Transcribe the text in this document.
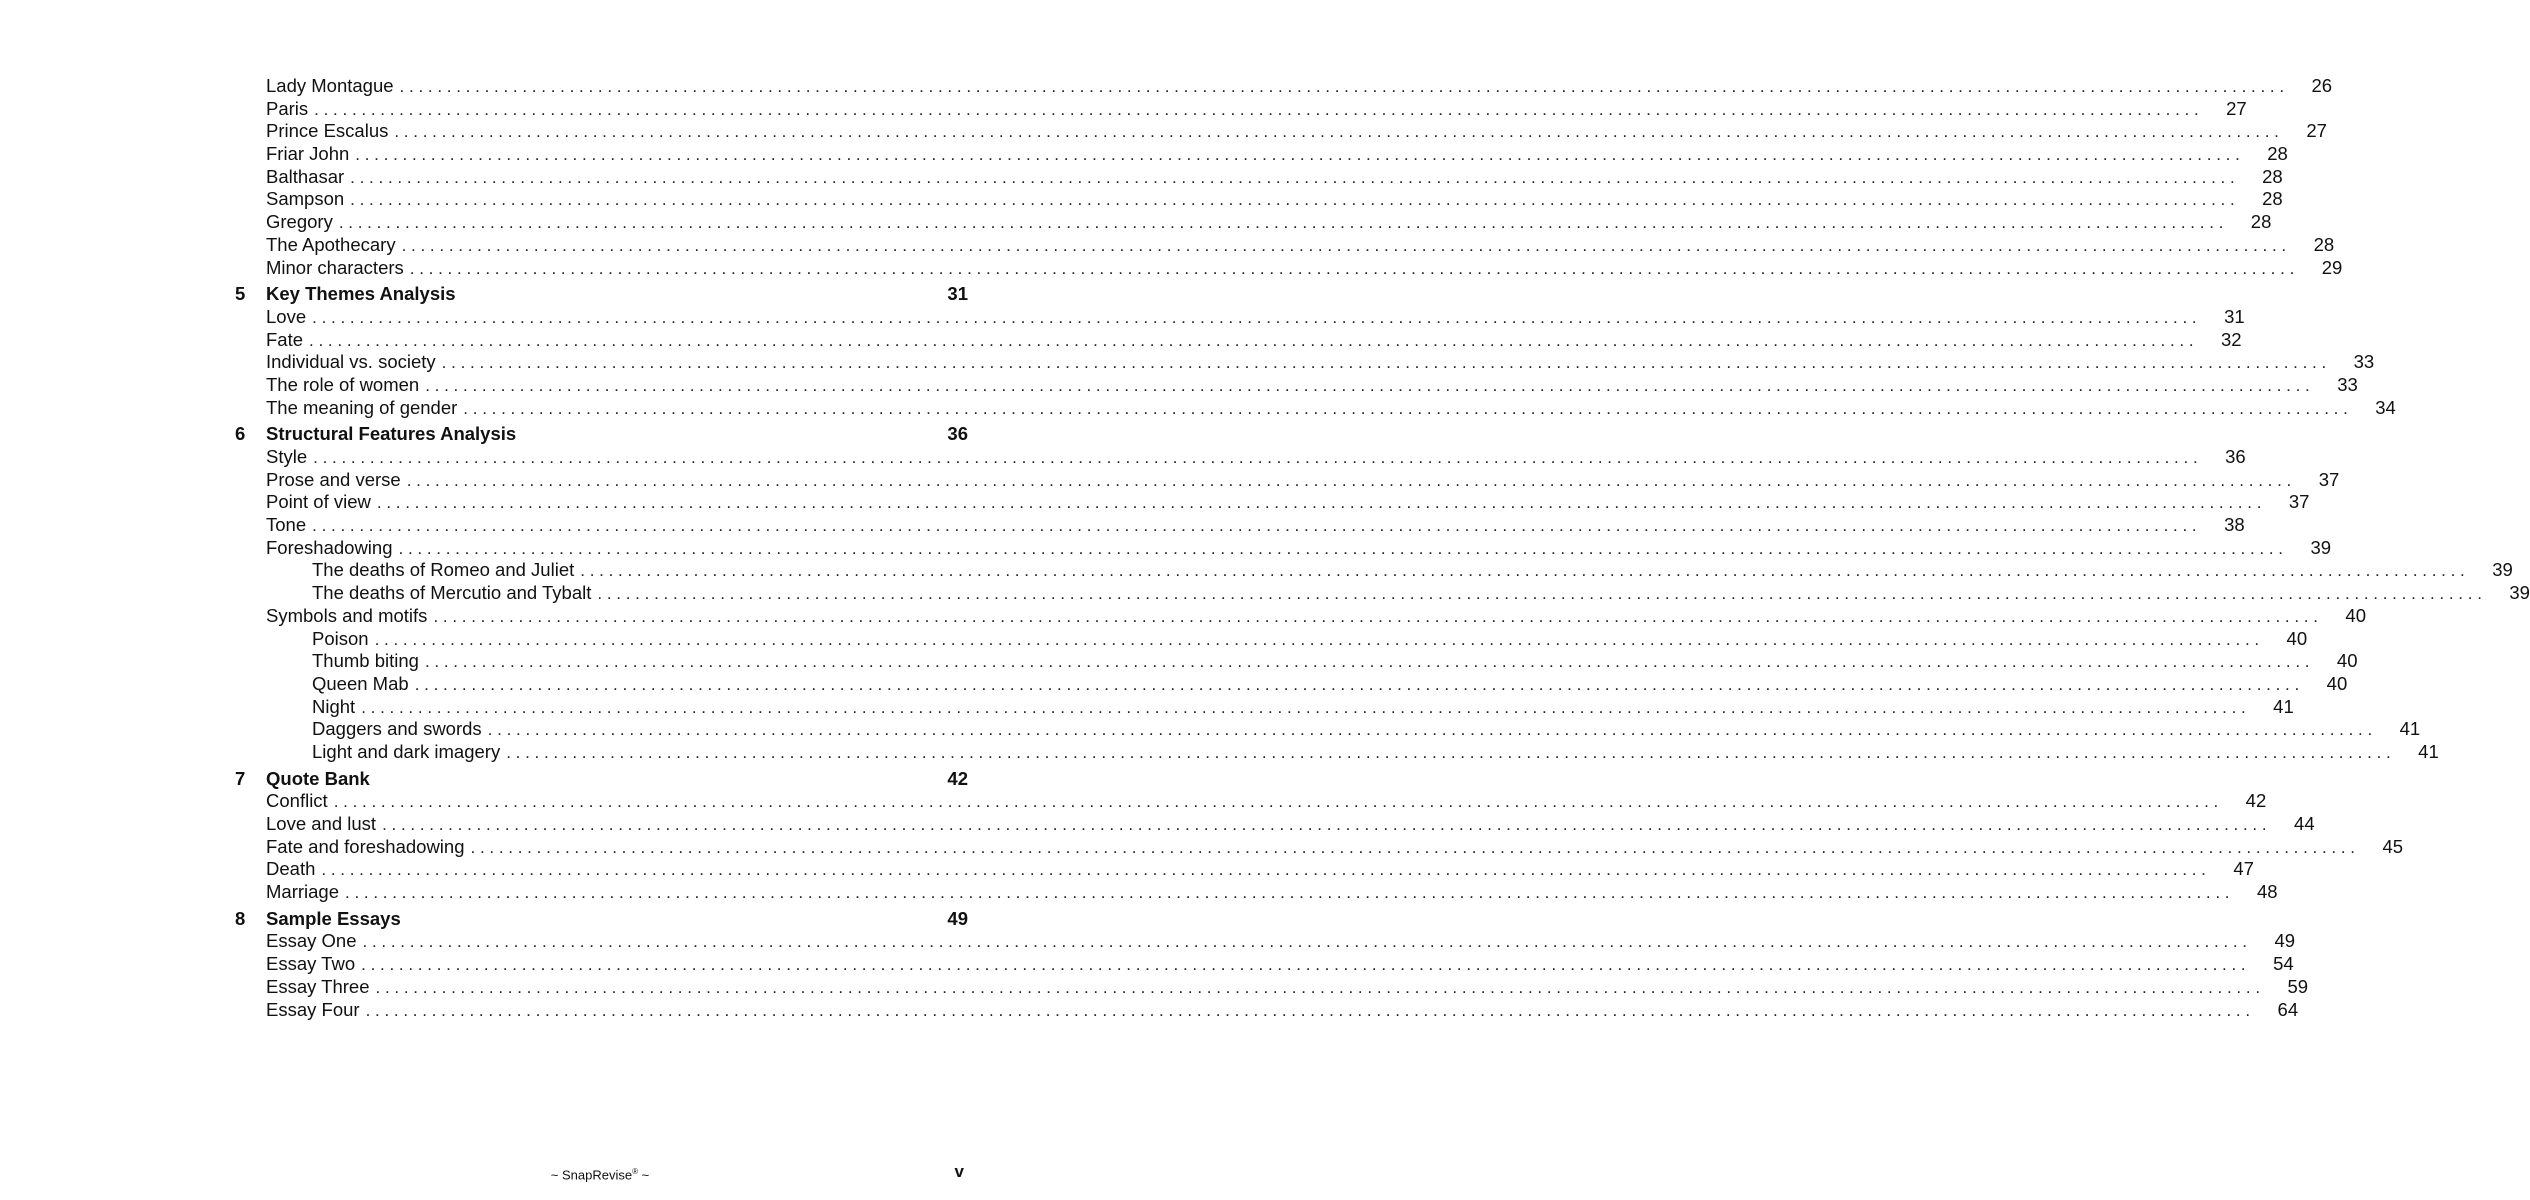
Lady Montague . . . . . . . . . . . . . . . . . . . . . . . . . . . . . . . . . . . . . . . . . . . . . . . . . . . . . . . . . . . . . . . . . . . . . . . . . . . . . . . . . . . . . . . . . . . . . . . . . . . . . . . . . . . . . . . . . . . . . . . . . . . . . . . . . . . . . . . . . . . . . . . . . . . . . . . . . . . . . . . . . . . . . . . . . . . . . . . . . . . . . . . . . . . . . . . . . . . . . . . .	26
Paris . . . . . . . . . . . . . . . . . . . . . . . . . . . . . . . . . . . . . . . . . . . . . . . . . . . . . . . . . . . . . . . . . . . . . . . . . . . . . . . . . . . . . . . . . . . . . . . . . . . . . . . . . . . . . . . . . . . . . . . . . . . . . . . . . . . . . . . . . . . . . . . . . . . . . . . . . . . . . . . . . . . . . . . . . . . . . . . . . . . . . . . . . . . . . . . . . . . . . . . .	27
Prince Escalus . . . . . . . . . . . . . . . . . . . . . . . . . . . . . . . . . . . . . . . . . . . . . . . . . . . . . . . . . . . . . . . . . . . . . . . . . . . . . . . . . . . . . . . . . . . . . . . . . . . . . . . . . . . . . . . . . . . . . . . . . . . . . . . . . . . . . . . . . . . . . . . . . . . . . . . . . . . . . . . . . . . . . . . . . . . . . . . . . . . . . . . . . . . . . . . . . . . . . . . .	27
Friar John . . . . . . . . . . . . . . . . . . . . . . . . . . . . . . . . . . . . . . . . . . . . . . . . . . . . . . . . . . . . . . . . . . . . . . . . . . . . . . . . . . . . . . . . . . . . . . . . . . . . . . . . . . . . . . . . . . . . . . . . . . . . . . . . . . . . . . . . . . . . . . . . . . . . . . . . . . . . . . . . . . . . . . . . . . . . . . . . . . . . . . . . . . . . . . . . . . . . . . . .	28
Balthasar . . . . . . . . . . . . . . . . . . . . . . . . . . . . . . . . . . . . . . . . . . . . . . . . . . . . . . . . . . . . . . . . . . . . . . . . . . . . . . . . . . . . . . . . . . . . . . . . . . . . . . . . . . . . . . . . . . . . . . . . . . . . . . . . . . . . . . . . . . . . . . . . . . . . . . . . . . . . . . . . . . . . . . . . . . . . . . . . . . . . . . . . . . . . . . . . . . . . . . . .	28
Sampson . . . . . . . . . . . . . . . . . . . . . . . . . . . . . . . . . . . . . . . . . . . . . . . . . . . . . . . . . . . . . . . . . . . . . . . . . . . . . . . . . . . . . . . . . . . . . . . . . . . . . . . . . . . . . . . . . . . . . . . . . . . . . . . . . . . . . . . . . . . . . . . . . . . . . . . . . . . . . . . . . . . . . . . . . . . . . . . . . . . . . . . . . . . . . . . . . . . . . . . .	28
Gregory . . . . . . . . . . . . . . . . . . . . . . . . . . . . . . . . . . . . . . . . . . . . . . . . . . . . . . . . . . . . . . . . . . . . . . . . . . . . . . . . . . . . . . . . . . . . . . . . . . . . . . . . . . . . . . . . . . . . . . . . . . . . . . . . . . . . . . . . . . . . . . . . . . . . . . . . . . . . . . . . . . . . . . . . . . . . . . . . . . . . . . . . . . . . . . . . . . . . . . . .	28
The Apothecary . . . . . . . . . . . . . . . . . . . . . . . . . . . . . . . . . . . . . . . . . . . . . . . . . . . . . . . . . . . . . . . . . . . . . . . . . . . . . . . . . . . . . . . . . . . . . . . . . . . . . . . . . . . . . . . . . . . . . . . . . . . . . . . . . . . . . . . . . . . . . . . . . . . . . . . . . . . . . . . . . . . . . . . . . . . . . . . . . . . . . . . . . . . . . . . . . . . . . . . .	28
Minor characters . . . . . . . . . . . . . . . . . . . . . . . . . . . . . . . . . . . . . . . . . . . . . . . . . . . . . . . . . . . . . . . . . . . . . . . . . . . . . . . . . . . . . . . . . . . . . . . . . . . . . . . . . . . . . . . . . . . . . . . . . . . . . . . . . . . . . . . . . . . . . . . . . . . . . . . . . . . . . . . . . . . . . . . . . . . . . . . . . . . . . . . . . . . . . . . . . . . . . . . .	29
5	Key Themes Analysis	31
Love . . . . . . . . . . . . . . . . . . . . . . . . . . . . . . . . . . . . . . . . . . . . . . . . . . . . . . . . . . . . . . . . . . . . . . . . . . . . . . . . . . . . . . . . . . . . . . . . . . . . . . . . . . . . . . . . . . . . . . . . . . . . . . . . . . . . . . . . . . . . . . . . . . . . . . . . . . . . . . . . . . . . . . . . . . . . . . . . . . . . . . . . . . . . . . . . . . . . . . . .	31
Fate . . . . . . . . . . . . . . . . . . . . . . . . . . . . . . . . . . . . . . . . . . . . . . . . . . . . . . . . . . . . . . . . . . . . . . . . . . . . . . . . . . . . . . . . . . . . . . . . . . . . . . . . . . . . . . . . . . . . . . . . . . . . . . . . . . . . . . . . . . . . . . . . . . . . . . . . . . . . . . . . . . . . . . . . . . . . . . . . . . . . . . . . . . . . . . . . . . . . . . . .	32
Individual vs. society . . . . . . . . . . . . . . . . . . . . . . . . . . . . . . . . . . . . . . . . . . . . . . . . . . . . . . . . . . . . . . . . . . . . . . . . . . . . . . . . . . . . . . . . . . . . . . . . . . . . . . . . . . . . . . . . . . . . . . . . . . . . . . . . . . . . . . . . . . . . . . . . . . . . . . . . . . . . . . . . . . . . . . . . . . . . . . . . . . . . . . . . . . . . . . . . . . . . . . . .	33
The role of women . . . . . . . . . . . . . . . . . . . . . . . . . . . . . . . . . . . . . . . . . . . . . . . . . . . . . . . . . . . . . . . . . . . . . . . . . . . . . . . . . . . . . . . . . . . . . . . . . . . . . . . . . . . . . . . . . . . . . . . . . . . . . . . . . . . . . . . . . . . . . . . . . . . . . . . . . . . . . . . . . . . . . . . . . . . . . . . . . . . . . . . . . . . . . . . . . . . . . . . .	33
The meaning of gender . . . . . . . . . . . . . . . . . . . . . . . . . . . . . . . . . . . . . . . . . . . . . . . . . . . . . . . . . . . . . . . . . . . . . . . . . . . . . . . . . . . . . . . . . . . . . . . . . . . . . . . . . . . . . . . . . . . . . . . . . . . . . . . . . . . . . . . . . . . . . . . . . . . . . . . . . . . . . . . . . . . . . . . . . . . . . . . . . . . . . . . . . . . . . . . . . . . . . . . .	34
6	Structural Features Analysis	36
Style . . . . . . . . . . . . . . . . . . . . . . . . . . . . . . . . . . . . . . . . . . . . . . . . . . . . . . . . . . . . . . . . . . . . . . . . . . . . . . . . . . . . . . . . . . . . . . . . . . . . . . . . . . . . . . . . . . . . . . . . . . . . . . . . . . . . . . . . . . . . . . . . . . . . . . . . . . . . . . . . . . . . . . . . . . . . . . . . . . . . . . . . . . . . . . . . . . . . . . . .	36
Prose and verse . . . . . . . . . . . . . . . . . . . . . . . . . . . . . . . . . . . . . . . . . . . . . . . . . . . . . . . . . . . . . . . . . . . . . . . . . . . . . . . . . . . . . . . . . . . . . . . . . . . . . . . . . . . . . . . . . . . . . . . . . . . . . . . . . . . . . . . . . . . . . . . . . . . . . . . . . . . . . . . . . . . . . . . . . . . . . . . . . . . . . . . . . . . . . . . . . . . . . . . .	37
Point of view . . . . . . . . . . . . . . . . . . . . . . . . . . . . . . . . . . . . . . . . . . . . . . . . . . . . . . . . . . . . . . . . . . . . . . . . . . . . . . . . . . . . . . . . . . . . . . . . . . . . . . . . . . . . . . . . . . . . . . . . . . . . . . . . . . . . . . . . . . . . . . . . . . . . . . . . . . . . . . . . . . . . . . . . . . . . . . . . . . . . . . . . . . . . . . . . . . . . . . . .	37
Tone . . . . . . . . . . . . . . . . . . . . . . . . . . . . . . . . . . . . . . . . . . . . . . . . . . . . . . . . . . . . . . . . . . . . . . . . . . . . . . . . . . . . . . . . . . . . . . . . . . . . . . . . . . . . . . . . . . . . . . . . . . . . . . . . . . . . . . . . . . . . . . . . . . . . . . . . . . . . . . . . . . . . . . . . . . . . . . . . . . . . . . . . . . . . . . . . . . . . . . . .	38
Foreshadowing . . . . . . . . . . . . . . . . . . . . . . . . . . . . . . . . . . . . . . . . . . . . . . . . . . . . . . . . . . . . . . . . . . . . . . . . . . . . . . . . . . . . . . . . . . . . . . . . . . . . . . . . . . . . . . . . . . . . . . . . . . . . . . . . . . . . . . . . . . . . . . . . . . . . . . . . . . . . . . . . . . . . . . . . . . . . . . . . . . . . . . . . . . . . . . . . . . . . . . . .	39
The deaths of Romeo and Juliet . . . . . . . . . . . . . . . . . . . . . . . . . . . . . . . . . . . . . . . . . . . . . . . . . . . . . . . . . . . . . . . . . . . . . . . . . . . . . . . . . . . . . . . . . . . . . . . . . . . . . . . . . . . . . . . . . . . . . . . . . . . . . . . . . . . . . . . . . . . . . . . . . . . . . . . . . . . . . . . . . . . . . . . . . . . . . . . . . . . . . . . . . . . . . . . . . . . . . . . .	39
The deaths of Mercutio and Tybalt . . . . . . . . . . . . . . . . . . . . . . . . . . . . . . . . . . . . . . . . . . . . . . . . . . . . . . . . . . . . . . . . . . . . . . . . . . . . . . . . . . . . . . . . . . . . . . . . . . . . . . . . . . . . . . . . . . . . . . . . . . . . . . . . . . . . . . . . . . . . . . . . . . . . . . . . . . . . . . . . . . . . . . . . . . . . . . . . . . . . . . . . . . . . . . . . . . . . . . . .	39
Symbols and motifs . . . . . . . . . . . . . . . . . . . . . . . . . . . . . . . . . . . . . . . . . . . . . . . . . . . . . . . . . . . . . . . . . . . . . . . . . . . . . . . . . . . . . . . . . . . . . . . . . . . . . . . . . . . . . . . . . . . . . . . . . . . . . . . . . . . . . . . . . . . . . . . . . . . . . . . . . . . . . . . . . . . . . . . . . . . . . . . . . . . . . . . . . . . . . . . . . . . . . . . .	40
Poison . . . . . . . . . . . . . . . . . . . . . . . . . . . . . . . . . . . . . . . . . . . . . . . . . . . . . . . . . . . . . . . . . . . . . . . . . . . . . . . . . . . . . . . . . . . . . . . . . . . . . . . . . . . . . . . . . . . . . . . . . . . . . . . . . . . . . . . . . . . . . . . . . . . . . . . . . . . . . . . . . . . . . . . . . . . . . . . . . . . . . . . . . . . . . . . . . . . . . . . .	40
Thumb biting . . . . . . . . . . . . . . . . . . . . . . . . . . . . . . . . . . . . . . . . . . . . . . . . . . . . . . . . . . . . . . . . . . . . . . . . . . . . . . . . . . . . . . . . . . . . . . . . . . . . . . . . . . . . . . . . . . . . . . . . . . . . . . . . . . . . . . . . . . . . . . . . . . . . . . . . . . . . . . . . . . . . . . . . . . . . . . . . . . . . . . . . . . . . . . . . . . . . . . . .	40
Queen Mab . . . . . . . . . . . . . . . . . . . . . . . . . . . . . . . . . . . . . . . . . . . . . . . . . . . . . . . . . . . . . . . . . . . . . . . . . . . . . . . . . . . . . . . . . . . . . . . . . . . . . . . . . . . . . . . . . . . . . . . . . . . . . . . . . . . . . . . . . . . . . . . . . . . . . . . . . . . . . . . . . . . . . . . . . . . . . . . . . . . . . . . . . . . . . . . . . . . . . . . .	40
Night . . . . . . . . . . . . . . . . . . . . . . . . . . . . . . . . . . . . . . . . . . . . . . . . . . . . . . . . . . . . . . . . . . . . . . . . . . . . . . . . . . . . . . . . . . . . . . . . . . . . . . . . . . . . . . . . . . . . . . . . . . . . . . . . . . . . . . . . . . . . . . . . . . . . . . . . . . . . . . . . . . . . . . . . . . . . . . . . . . . . . . . . . . . . . . . . . . . . . . . .	41
Daggers and swords . . . . . . . . . . . . . . . . . . . . . . . . . . . . . . . . . . . . . . . . . . . . . . . . . . . . . . . . . . . . . . . . . . . . . . . . . . . . . . . . . . . . . . . . . . . . . . . . . . . . . . . . . . . . . . . . . . . . . . . . . . . . . . . . . . . . . . . . . . . . . . . . . . . . . . . . . . . . . . . . . . . . . . . . . . . . . . . . . . . . . . . . . . . . . . . . . . . . . . . .	41
Light and dark imagery . . . . . . . . . . . . . . . . . . . . . . . . . . . . . . . . . . . . . . . . . . . . . . . . . . . . . . . . . . . . . . . . . . . . . . . . . . . . . . . . . . . . . . . . . . . . . . . . . . . . . . . . . . . . . . . . . . . . . . . . . . . . . . . . . . . . . . . . . . . . . . . . . . . . . . . . . . . . . . . . . . . . . . . . . . . . . . . . . . . . . . . . . . . . . . . . . . . . . . . .	41
7	Quote Bank	42
Conflict . . . . . . . . . . . . . . . . . . . . . . . . . . . . . . . . . . . . . . . . . . . . . . . . . . . . . . . . . . . . . . . . . . . . . . . . . . . . . . . . . . . . . . . . . . . . . . . . . . . . . . . . . . . . . . . . . . . . . . . . . . . . . . . . . . . . . . . . . . . . . . . . . . . . . . . . . . . . . . . . . . . . . . . . . . . . . . . . . . . . . . . . . . . . . . . . . . . . . . . .	42
Love and lust . . . . . . . . . . . . . . . . . . . . . . . . . . . . . . . . . . . . . . . . . . . . . . . . . . . . . . . . . . . . . . . . . . . . . . . . . . . . . . . . . . . . . . . . . . . . . . . . . . . . . . . . . . . . . . . . . . . . . . . . . . . . . . . . . . . . . . . . . . . . . . . . . . . . . . . . . . . . . . . . . . . . . . . . . . . . . . . . . . . . . . . . . . . . . . . . . . . . . . . .	44
Fate and foreshadowing . . . . . . . . . . . . . . . . . . . . . . . . . . . . . . . . . . . . . . . . . . . . . . . . . . . . . . . . . . . . . . . . . . . . . . . . . . . . . . . . . . . . . . . . . . . . . . . . . . . . . . . . . . . . . . . . . . . . . . . . . . . . . . . . . . . . . . . . . . . . . . . . . . . . . . . . . . . . . . . . . . . . . . . . . . . . . . . . . . . . . . . . . . . . . . . . . . . . . . . .	45
Death . . . . . . . . . . . . . . . . . . . . . . . . . . . . . . . . . . . . . . . . . . . . . . . . . . . . . . . . . . . . . . . . . . . . . . . . . . . . . . . . . . . . . . . . . . . . . . . . . . . . . . . . . . . . . . . . . . . . . . . . . . . . . . . . . . . . . . . . . . . . . . . . . . . . . . . . . . . . . . . . . . . . . . . . . . . . . . . . . . . . . . . . . . . . . . . . . . . . . . . .	47
Marriage . . . . . . . . . . . . . . . . . . . . . . . . . . . . . . . . . . . . . . . . . . . . . . . . . . . . . . . . . . . . . . . . . . . . . . . . . . . . . . . . . . . . . . . . . . . . . . . . . . . . . . . . . . . . . . . . . . . . . . . . . . . . . . . . . . . . . . . . . . . . . . . . . . . . . . . . . . . . . . . . . . . . . . . . . . . . . . . . . . . . . . . . . . . . . . . . . . . . . . . .	48
8	Sample Essays	49
Essay One . . . . . . . . . . . . . . . . . . . . . . . . . . . . . . . . . . . . . . . . . . . . . . . . . . . . . . . . . . . . . . . . . . . . . . . . . . . . . . . . . . . . . . . . . . . . . . . . . . . . . . . . . . . . . . . . . . . . . . . . . . . . . . . . . . . . . . . . . . . . . . . . . . . . . . . . . . . . . . . . . . . . . . . . . . . . . . . . . . . . . . . . . . . . . . . . . . . . . . . .	49
Essay Two . . . . . . . . . . . . . . . . . . . . . . . . . . . . . . . . . . . . . . . . . . . . . . . . . . . . . . . . . . . . . . . . . . . . . . . . . . . . . . . . . . . . . . . . . . . . . . . . . . . . . . . . . . . . . . . . . . . . . . . . . . . . . . . . . . . . . . . . . . . . . . . . . . . . . . . . . . . . . . . . . . . . . . . . . . . . . . . . . . . . . . . . . . . . . . . . . . . . . . . .	54
Essay Three . . . . . . . . . . . . . . . . . . . . . . . . . . . . . . . . . . . . . . . . . . . . . . . . . . . . . . . . . . . . . . . . . . . . . . . . . . . . . . . . . . . . . . . . . . . . . . . . . . . . . . . . . . . . . . . . . . . . . . . . . . . . . . . . . . . . . . . . . . . . . . . . . . . . . . . . . . . . . . . . . . . . . . . . . . . . . . . . . . . . . . . . . . . . . . . . . . . . . . . .	59
Essay Four . . . . . . . . . . . . . . . . . . . . . . . . . . . . . . . . . . . . . . . . . . . . . . . . . . . . . . . . . . . . . . . . . . . . . . . . . . . . . . . . . . . . . . . . . . . . . . . . . . . . . . . . . . . . . . . . . . . . . . . . . . . . . . . . . . . . . . . . . . . . . . . . . . . . . . . . . . . . . . . . . . . . . . . . . . . . . . . . . . . . . . . . . . . . . . . . . . . . . . . .	64
~ SnapRevise® ~	v
